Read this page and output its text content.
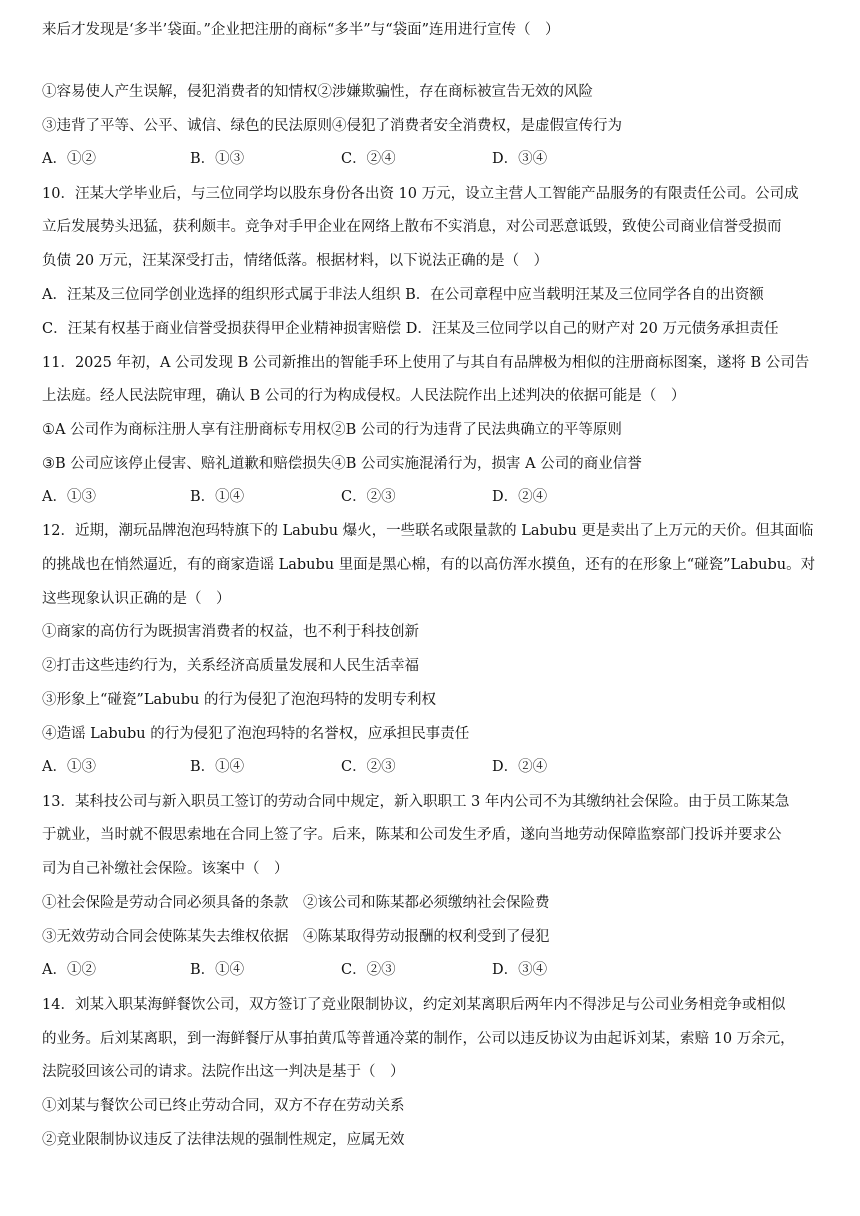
来后才发现是‘多半’袋面。”企业把注册的商标“多半”与“袋面”连用进行宣传（　）
①容易使人产生误解，侵犯消费者的知情权②涉嫌欺骗性，存在商标被宣告无效的风险
③违背了平等、公平、诚信、绿色的民法原则④侵犯了消费者安全消费权，是虚假宣传行为
A．①②	B．①③	C．②④	D．③④
10．汪某大学毕业后，与三位同学均以股东身份各出资 10 万元，设立主营人工智能产品服务的有限责任公司。公司成
立后发展势头迅猛，获利颇丰。竞争对手甲企业在网络上散布不实消息，对公司恶意诋毁，致使公司商业信誉受损而
负债 20 万元，汪某深受打击，情绪低落。根据材料，以下说法正确的是（　）
A．汪某及三位同学创业选择的组织形式属于非法人组织 B．在公司章程中应当载明汪某及三位同学各自的出资额
C．汪某有权基于商业信誉受损获得甲企业精神损害赔偿 D．汪某及三位同学以自己的财产对 20 万元债务承担责任
11．2025 年初，A 公司发现 B 公司新推出的智能手环上使用了与其自有品牌极为相似的注册商标图案，遂将 B 公司告
上法庭。经人民法院审理，确认 B 公司的行为构成侵权。人民法院作出上述判决的依据可能是（　）
①A 公司作为商标注册人享有注册商标专用权②B 公司的行为违背了民法典确立的平等原则
③B 公司应该停止侵害、赔礼道歉和赔偿损失④B 公司实施混淆行为，损害 A 公司的商业信誉
A．①③	B．①④	C．②③	D．②④
12．近期，潮玩品牌泡泡玛特旗下的 Labubu 爆火，一些联名或限量款的 Labubu 更是卖出了上万元的天价。但其面临
的挑战也在悄然逼近，有的商家造谣 Labubu 里面是黑心棉，有的以高仿浑水摸鱼，还有的在形象上“碰瓷”Labubu。对
这些现象认识正确的是（　）
①商家的高仿行为既损害消费者的权益，也不利于科技创新
②打击这些违约行为，关系经济高质量发展和人民生活幸福
③形象上“碰瓷”Labubu 的行为侵犯了泡泡玛特的发明专利权
④造谣 Labubu 的行为侵犯了泡泡玛特的名誉权，应承担民事责任
A．①③	B．①④	C．②③	D．②④
13．某科技公司与新入职员工签订的劳动合同中规定，新入职职工 3 年内公司不为其缴纳社会保险。由于员工陈某急
于就业，当时就不假思索地在合同上签了字。后来，陈某和公司发生矛盾，遂向当地劳动保障监察部门投诉并要求公
司为自己补缴社会保险。该案中（　）
①社会保险是劳动合同必须具备的条款　②该公司和陈某都必须缴纳社会保险费
③无效劳动合同会使陈某失去维权依据　④陈某取得劳动报酬的权利受到了侵犯
A．①②	B．①④	C．②③	D．③④
14．刘某入职某海鲜餐饮公司，双方签订了竞业限制协议，约定刘某离职后两年内不得涉足与公司业务相竞争或相似
的业务。后刘某离职，到一海鲜餐厅从事拍黄瓜等普通冷菜的制作，公司以违反协议为由起诉刘某，索赔 10 万余元，
法院驳回该公司的请求。法院作出这一判决是基于（　）
①刘某与餐饮公司已终止劳动合同，双方不存在劳动关系
②竞业限制协议违反了法律法规的强制性规定，应属无效
